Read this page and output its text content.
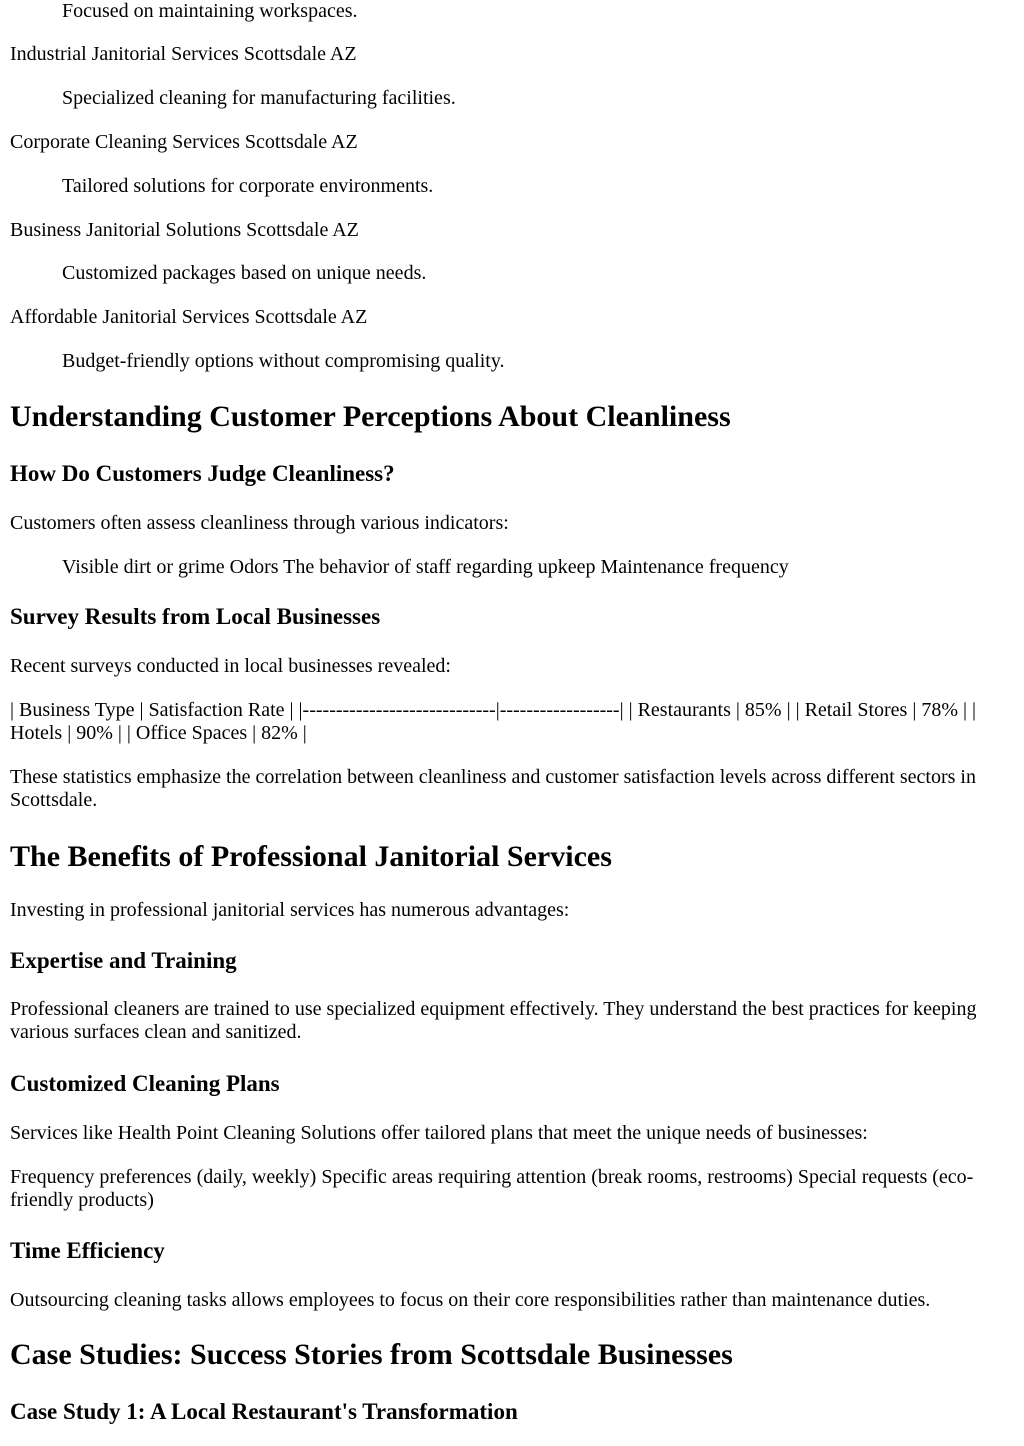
Focused on maintaining workspaces.

Industrial Janitorial Services Scottsdale AZ

Specialized cleaning for manufacturing facilities.

Corporate Cleaning Services Scottsdale AZ

Tailored solutions for corporate environments.

Business Janitorial Solutions Scottsdale AZ

Customized packages based on unique needs.

Affordable Janitorial Services Scottsdale AZ

Budget-friendly options without compromising quality.

Understanding Customer Perceptions About Cleanliness
How Do Customers Judge Cleanliness?

Customers often assess cleanliness through various indicators:

Visible dirt or grime Odors The behavior of staff regarding upkeep Maintenance frequency

Survey Results from Local Businesses

Recent surveys conducted in local businesses revealed:

| Business Type | Satisfaction Rate | |-----------------------------|------------------| | Restaurants | 85% | | Retail Stores | 78% | | Hotels | 90% | | Office Spaces | 82% |

These statistics emphasize the correlation between cleanliness and customer satisfaction levels across different sectors in Scottsdale.

The Benefits of Professional Janitorial Services

Investing in professional janitorial services has numerous advantages:

Expertise and Training

Professional cleaners are trained to use specialized equipment effectively. They understand the best practices for keeping various surfaces clean and sanitized.

Customized Cleaning Plans

Services like Health Point Cleaning Solutions offer tailored plans that meet the unique needs of businesses:

Frequency preferences (daily, weekly) Specific areas requiring attention (break rooms, restrooms) Special requests (eco-friendly products)

Time Efficiency

Outsourcing cleaning tasks allows employees to focus on their core responsibilities rather than maintenance duties.

Case Studies: Success Stories from Scottsdale Businesses
Case Study 1: A Local Restaurant's Transformation
